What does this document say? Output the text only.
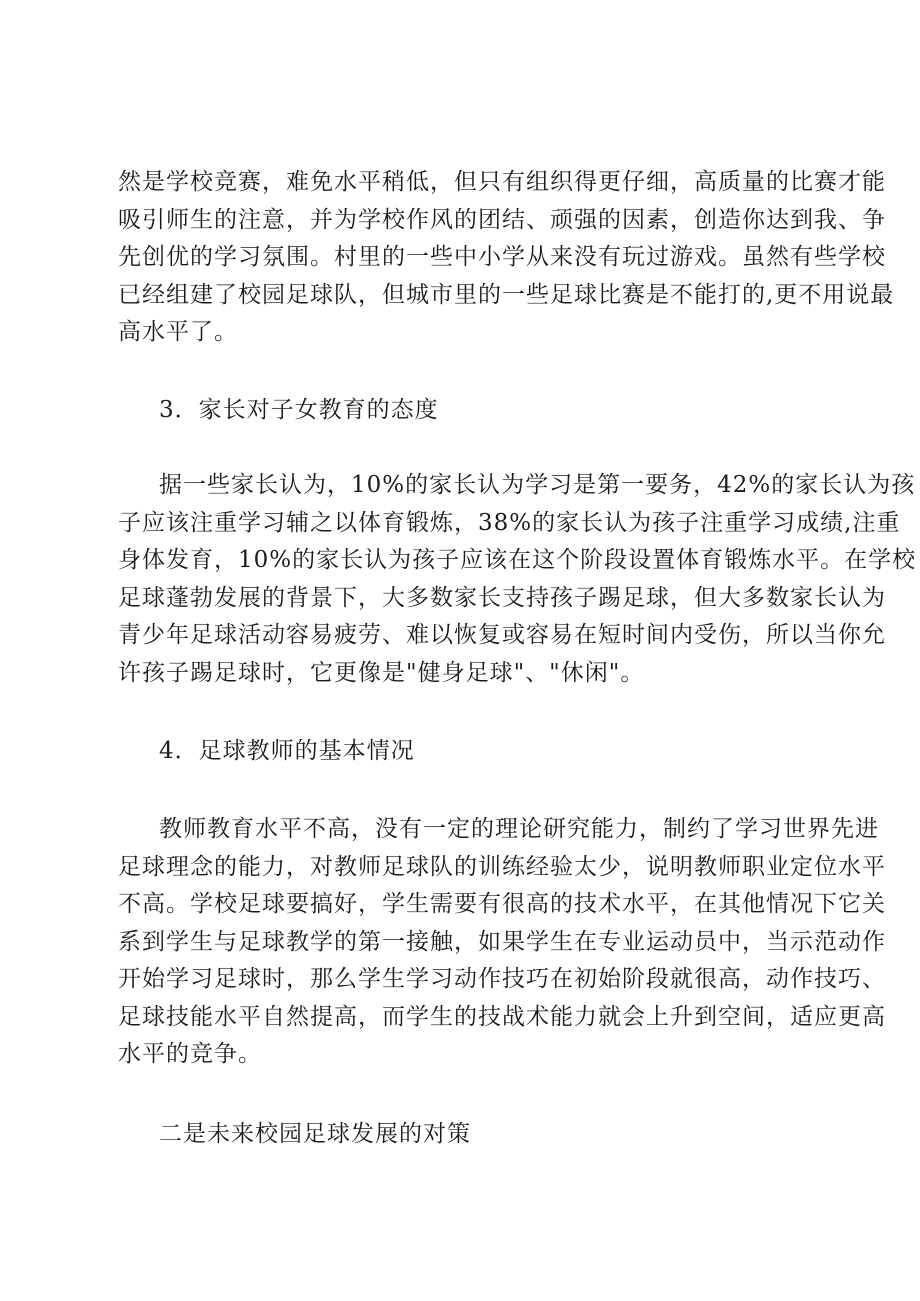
然是学校竞赛，难免水平稍低，但只有组织得更仔细，高质量的比赛才能
吸引师生的注意，并为学校作风的团结、顽强的因素，创造你达到我、争
先创优的学习氛围。村里的一些中小学从来没有玩过游戏。虽然有些学校
已经组建了校园足球队，但城市里的一些足球比赛是不能打的,更不用说最
高水平了。
3．家长对子女教育的态度
据一些家长认为，10%的家长认为学习是第一要务，42%的家长认为孩
子应该注重学习辅之以体育锻炼，38%的家长认为孩子注重学习成绩,注重
身体发育，10%的家长认为孩子应该在这个阶段设置体育锻炼水平。在学校
足球蓬勃发展的背景下，大多数家长支持孩子踢足球，但大多数家长认为
青少年足球活动容易疲劳、难以恢复或容易在短时间内受伤，所以当你允
许孩子踢足球时，它更像是"健身足球"、"休闲"。
4．足球教师的基本情况
教师教育水平不高，没有一定的理论研究能力，制约了学习世界先进
足球理念的能力，对教师足球队的训练经验太少，说明教师职业定位水平
不高。学校足球要搞好，学生需要有很高的技术水平，在其他情况下它关
系到学生与足球教学的第一接触，如果学生在专业运动员中，当示范动作
开始学习足球时，那么学生学习动作技巧在初始阶段就很高，动作技巧、
足球技能水平自然提高，而学生的技战术能力就会上升到空间，适应更高
水平的竞争。
二是未来校园足球发展的对策
